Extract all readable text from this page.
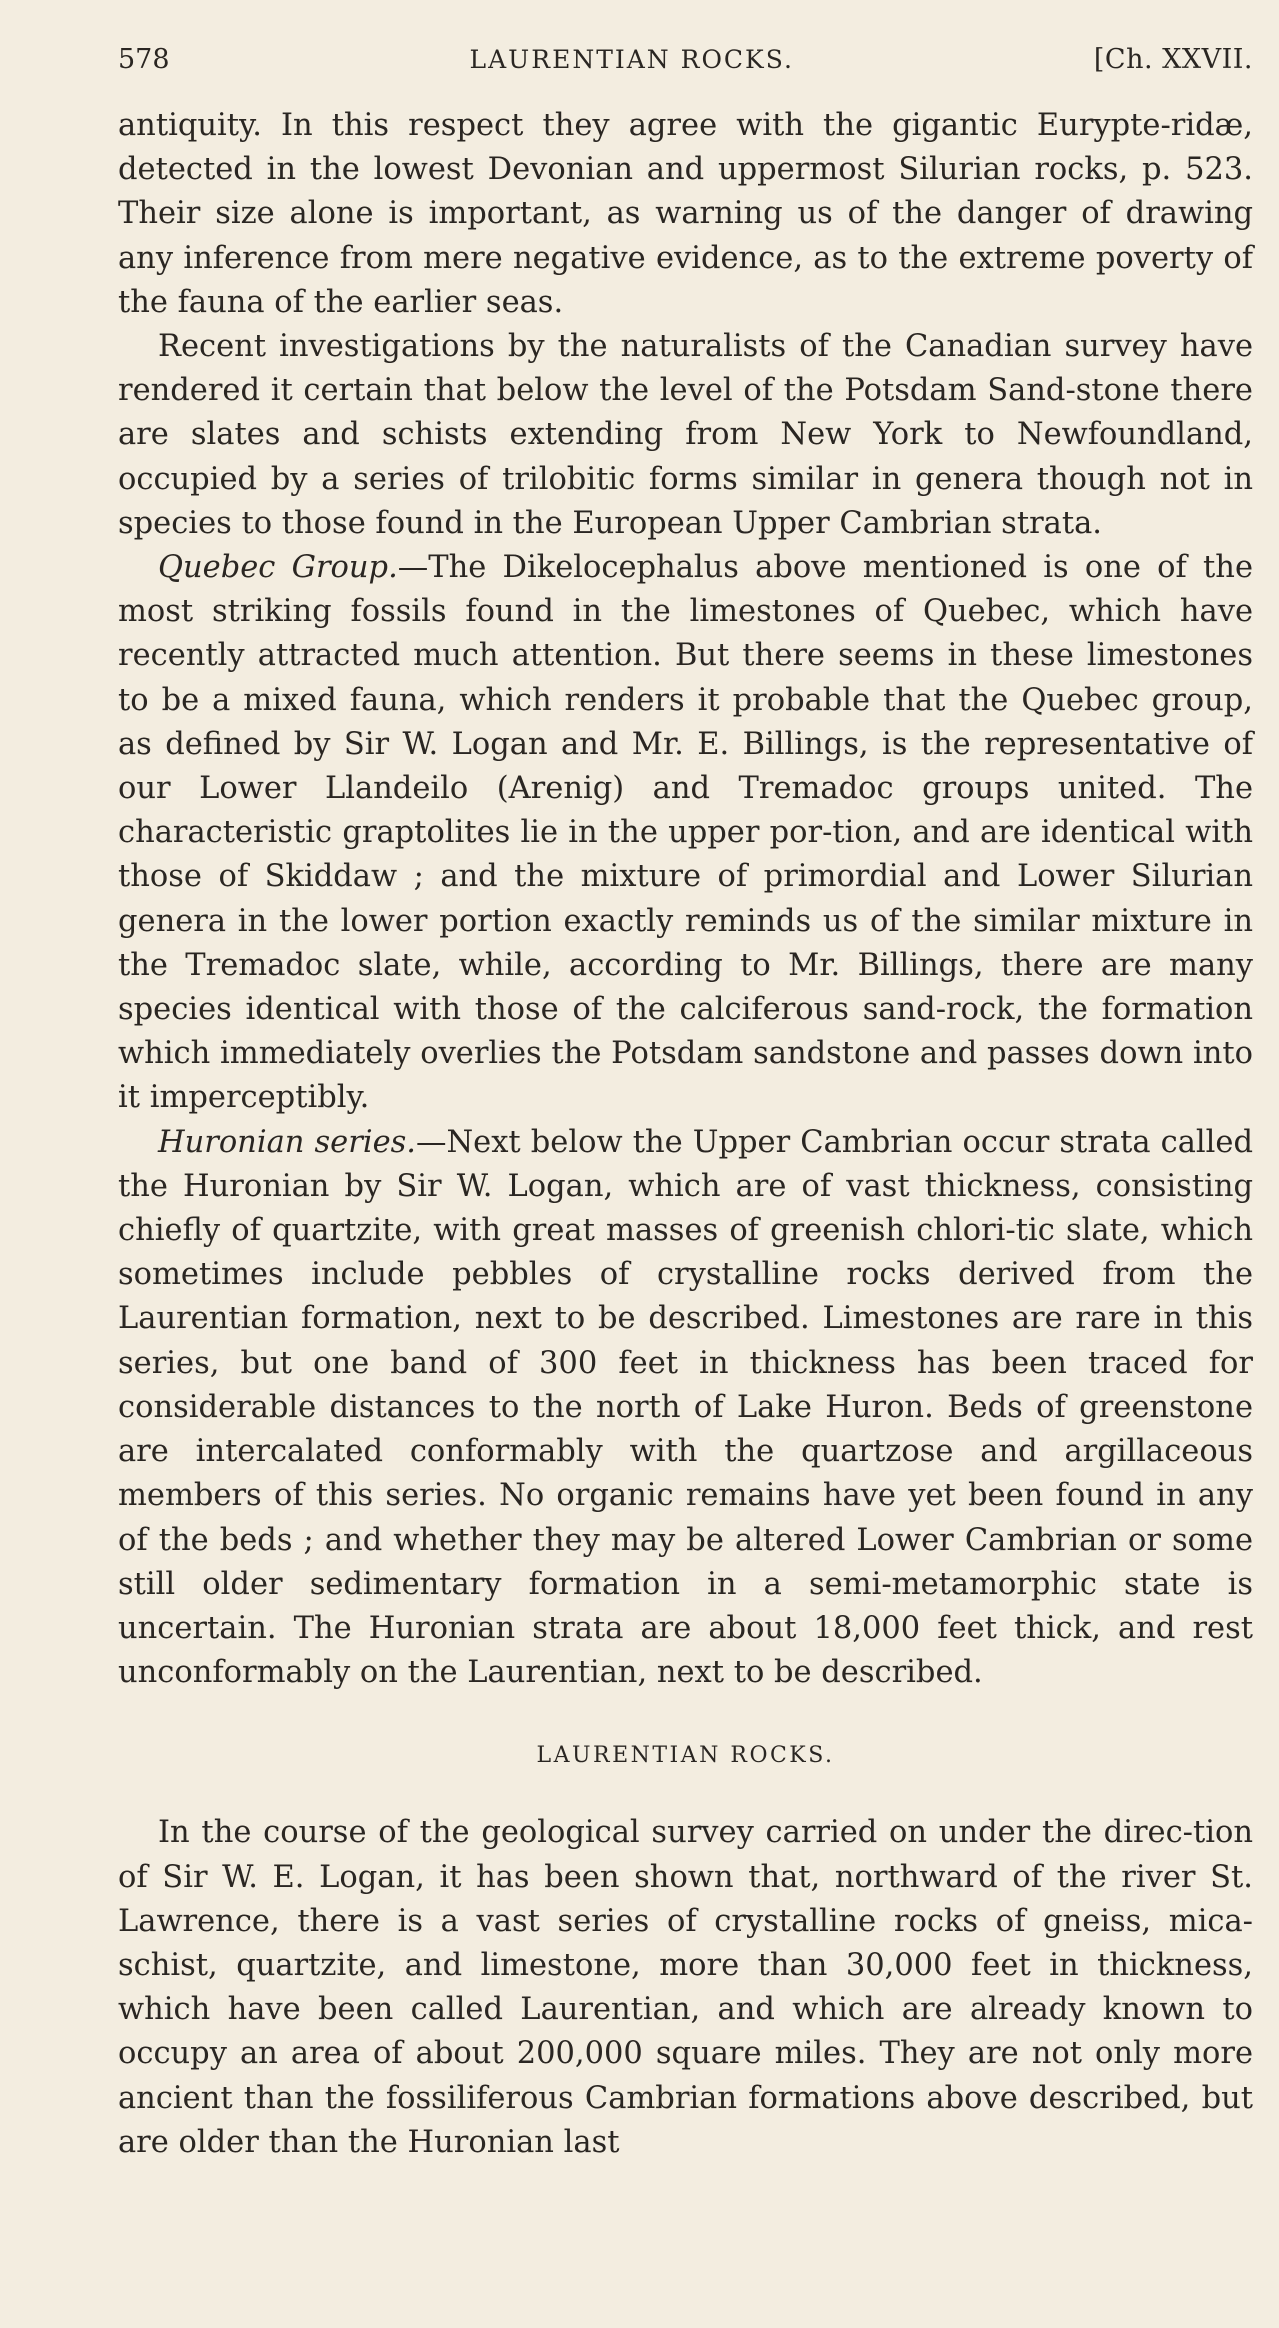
578	LAURENTIAN ROCKS.	[Ch. XXVII.

antiquity. In this respect they agree with the gigantic Eurypte-ridæ, detected in the lowest Devonian and uppermost Silurian rocks, p. 523. Their size alone is important, as warning us of the danger of drawing any inference from mere negative evidence, as to the extreme poverty of the fauna of the earlier seas.

Recent investigations by the naturalists of the Canadian survey have rendered it certain that below the level of the Potsdam Sand-stone there are slates and schists extending from New York to Newfoundland, occupied by a series of trilobitic forms similar in genera though not in species to those found in the European Upper Cambrian strata.

Quebec Group.—The Dikelocephalus above mentioned is one of the most striking fossils found in the limestones of Quebec, which have recently attracted much attention. But there seems in these limestones to be a mixed fauna, which renders it probable that the Quebec group, as defined by Sir W. Logan and Mr. E. Billings, is the representative of our Lower Llandeilo (Arenig) and Tremadoc groups united. The characteristic graptolites lie in the upper por-tion, and are identical with those of Skiddaw ; and the mixture of primordial and Lower Silurian genera in the lower portion exactly reminds us of the similar mixture in the Tremadoc slate, while, according to Mr. Billings, there are many species identical with those of the calciferous sand-rock, the formation which immediately overlies the Potsdam sandstone and passes down into it imperceptibly.

Huronian series.—Next below the Upper Cambrian occur strata called the Huronian by Sir W. Logan, which are of vast thickness, consisting chiefly of quartzite, with great masses of greenish chlori-tic slate, which sometimes include pebbles of crystalline rocks derived from the Laurentian formation, next to be described. Limestones are rare in this series, but one band of 300 feet in thickness has been traced for considerable distances to the north of Lake Huron. Beds of greenstone are intercalated conformably with the quartzose and argillaceous members of this series. No organic remains have yet been found in any of the beds ; and whether they may be altered Lower Cambrian or some still older sedimentary formation in a semi-metamorphic state is uncertain. The Huronian strata are about 18,000 feet thick, and rest unconformably on the Laurentian, next to be described.

LAURENTIAN ROCKS.

In the course of the geological survey carried on under the direc-tion of Sir W. E. Logan, it has been shown that, northward of the river St. Lawrence, there is a vast series of crystalline rocks of gneiss, mica-schist, quartzite, and limestone, more than 30,000 feet in thickness, which have been called Laurentian, and which are already known to occupy an area of about 200,000 square miles. They are not only more ancient than the fossiliferous Cambrian formations above described, but are older than the Huronian last
